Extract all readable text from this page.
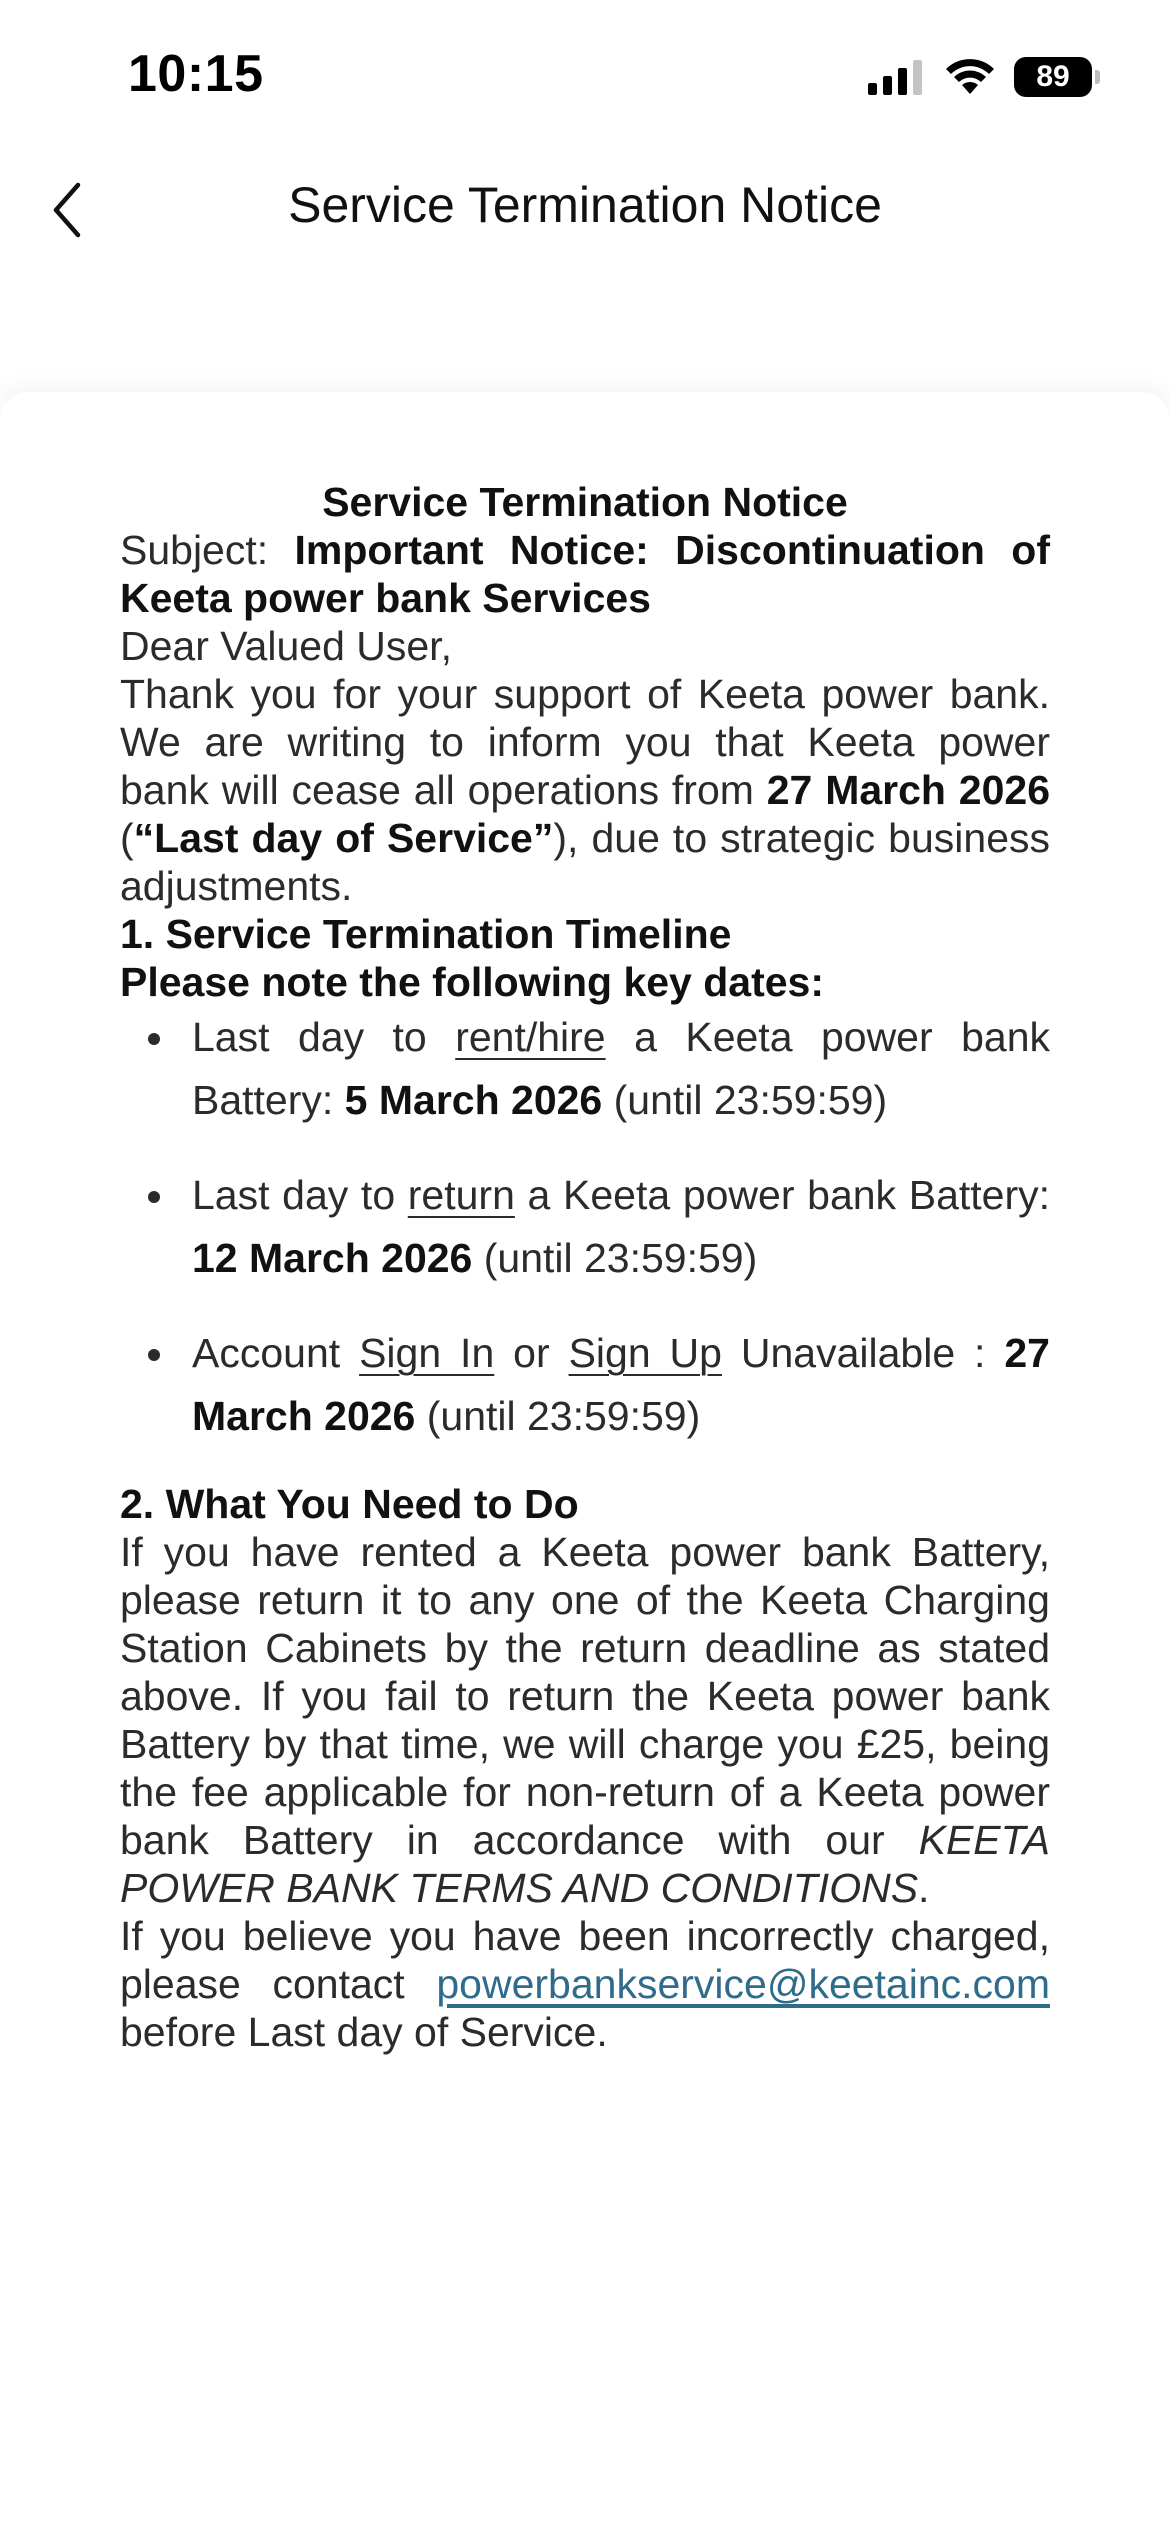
10:15	89
Service Termination Notice

Service Termination Notice

Subject: Important Notice: Discontinuation of Keeta power bank Services

Dear Valued User,

Thank you for your support of Keeta power bank. We are writing to inform you that Keeta power bank will cease all operations from 27 March 2026 (“Last day of Service”), due to strategic business adjustments.

1. Service Termination Timeline

Please note the following key dates:

Last day to rent/hire a Keeta power bank Battery: 5 March 2026 (until 23:59:59)
Last day to return a Keeta power bank Battery: 12 March 2026 (until 23:59:59)
Account Sign In or Sign Up Unavailable : 27 March 2026 (until 23:59:59)

2. What You Need to Do

If you have rented a Keeta power bank Battery, please return it to any one of the Keeta Charging Station Cabinets by the return deadline as stated above. If you fail to return the Keeta power bank Battery by that time, we will charge you £25, being the fee applicable for non-return of a Keeta power bank Battery in accordance with our KEETA POWER BANK TERMS AND CONDITIONS.

If you believe you have been incorrectly charged, please contact powerbankservice@keetainc.com before Last day of Service.
